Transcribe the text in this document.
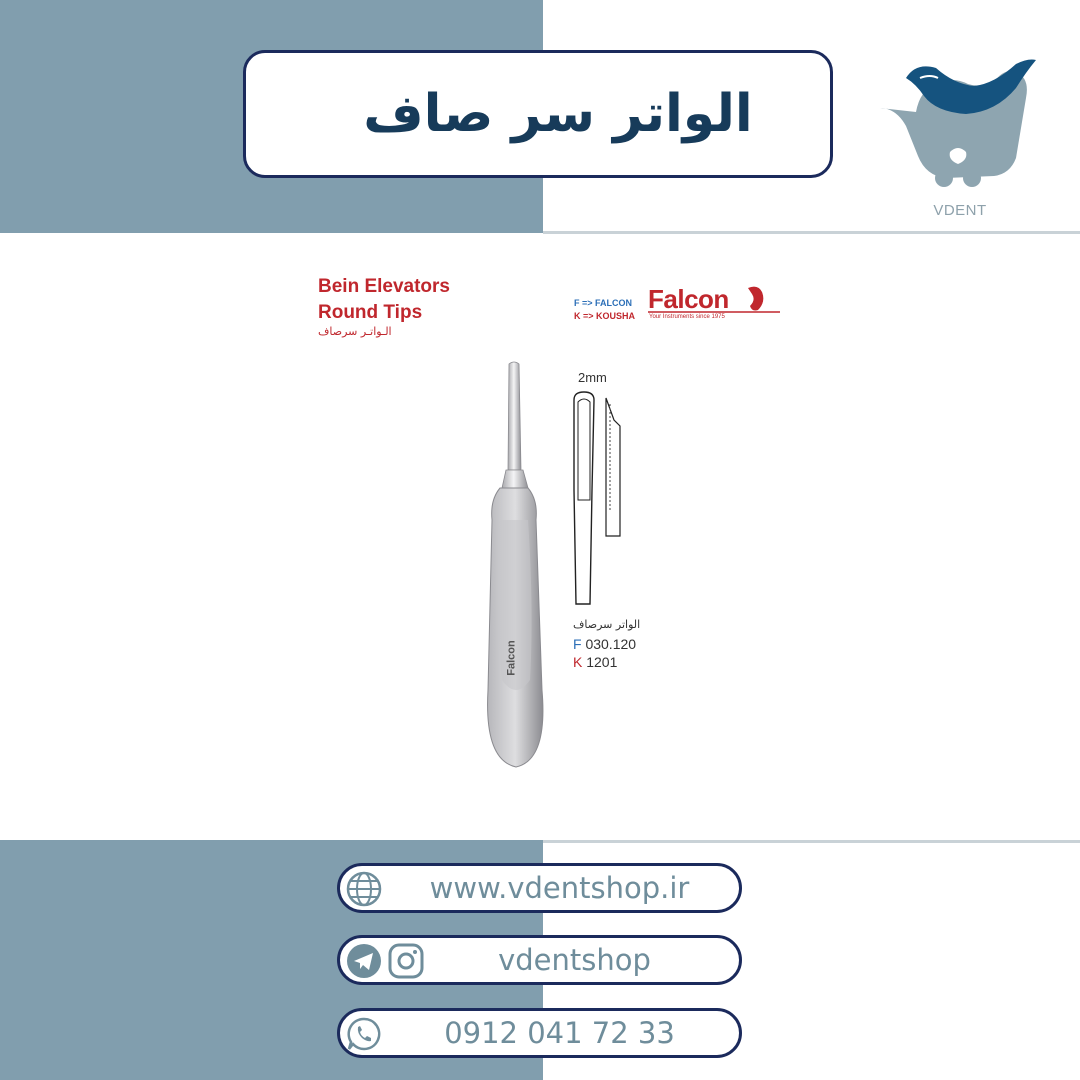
الواتر سر صاف
VDENT
Bein Elevators
Round Tips
الـواتـر سرصاف
F => FALCON
K => KOUSHA
Falcon
Your Instruments since 1975
Falcon
2mm
الواتر سرصاف
F 030.120
K 1201
www.vdentshop.ir
vdentshop
0912 041 72 33
